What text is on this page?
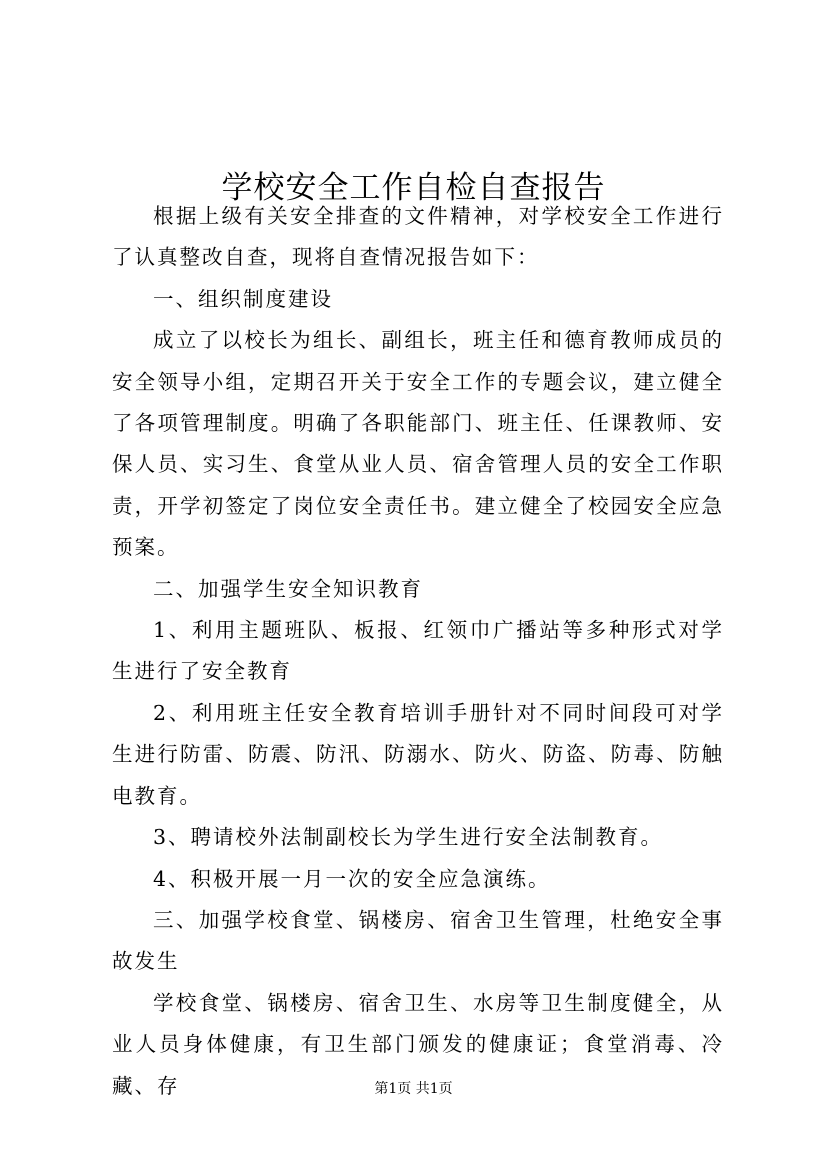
学校安全工作自检自查报告

根据上级有关安全排查的文件精神，对学校安全工作进行了认真整改自查，现将自查情况报告如下：

一、组织制度建设

成立了以校长为组长、副组长，班主任和德育教师成员的安全领导小组，定期召开关于安全工作的专题会议，建立健全了各项管理制度。明确了各职能部门、班主任、任课教师、安保人员、实习生、食堂从业人员、宿舍管理人员的安全工作职责，开学初签定了岗位安全责任书。建立健全了校园安全应急预案。

二、加强学生安全知识教育

1、利用主题班队、板报、红领巾广播站等多种形式对学生进行了安全教育

2、利用班主任安全教育培训手册针对不同时间段可对学生进行防雷、防震、防汛、防溺水、防火、防盗、防毒、防触电教育。

3、聘请校外法制副校长为学生进行安全法制教育。

4、积极开展一月一次的安全应急演练。

三、加强学校食堂、锅楼房、宿舍卫生管理，杜绝安全事故发生

学校食堂、锅楼房、宿舍卫生、水房等卫生制度健全，从业人员身体健康，有卫生部门颁发的健康证；食堂消毒、冷藏、存	第1页 共1页
